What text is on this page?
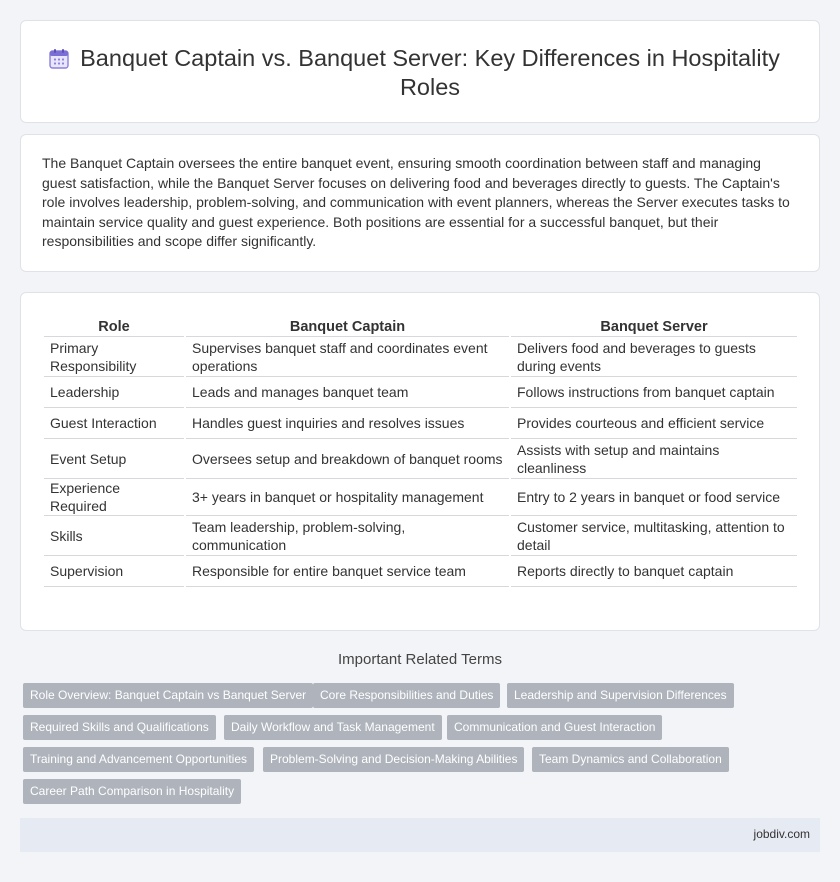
Banquet Captain vs. Banquet Server: Key Differences in Hospitality Roles

The Banquet Captain oversees the entire banquet event, ensuring smooth coordination between staff and managing guest satisfaction, while the Banquet Server focuses on delivering food and beverages directly to guests. The Captain's role involves leadership, problem-solving, and communication with event planners, whereas the Server executes tasks to maintain service quality and guest experience. Both positions are essential for a successful banquet, but their responsibilities and scope differ significantly.

Role	Banquet Captain	Banquet Server
Primary Responsibility	Supervises banquet staff and coordinates event operations	Delivers food and beverages to guests during events
Leadership	Leads and manages banquet team	Follows instructions from banquet captain
Guest Interaction	Handles guest inquiries and resolves issues	Provides courteous and efficient service
Event Setup	Oversees setup and breakdown of banquet rooms	Assists with setup and maintains cleanliness
Experience Required	3+ years in banquet or hospitality management	Entry to 2 years in banquet or food service
Skills	Team leadership, problem-solving, communication	Customer service, multitasking, attention to detail
Supervision	Responsible for entire banquet service team	Reports directly to banquet captain
Important Related Terms
Role Overview: Banquet Captain vs Banquet Server	Core Responsibilities and Duties	Leadership and Supervision Differences
Required Skills and Qualifications	Daily Workflow and Task Management	Communication and Guest Interaction
Training and Advancement Opportunities	Problem-Solving and Decision-Making Abilities	Team Dynamics and Collaboration
Career Path Comparison in Hospitality
jobdiv.com
